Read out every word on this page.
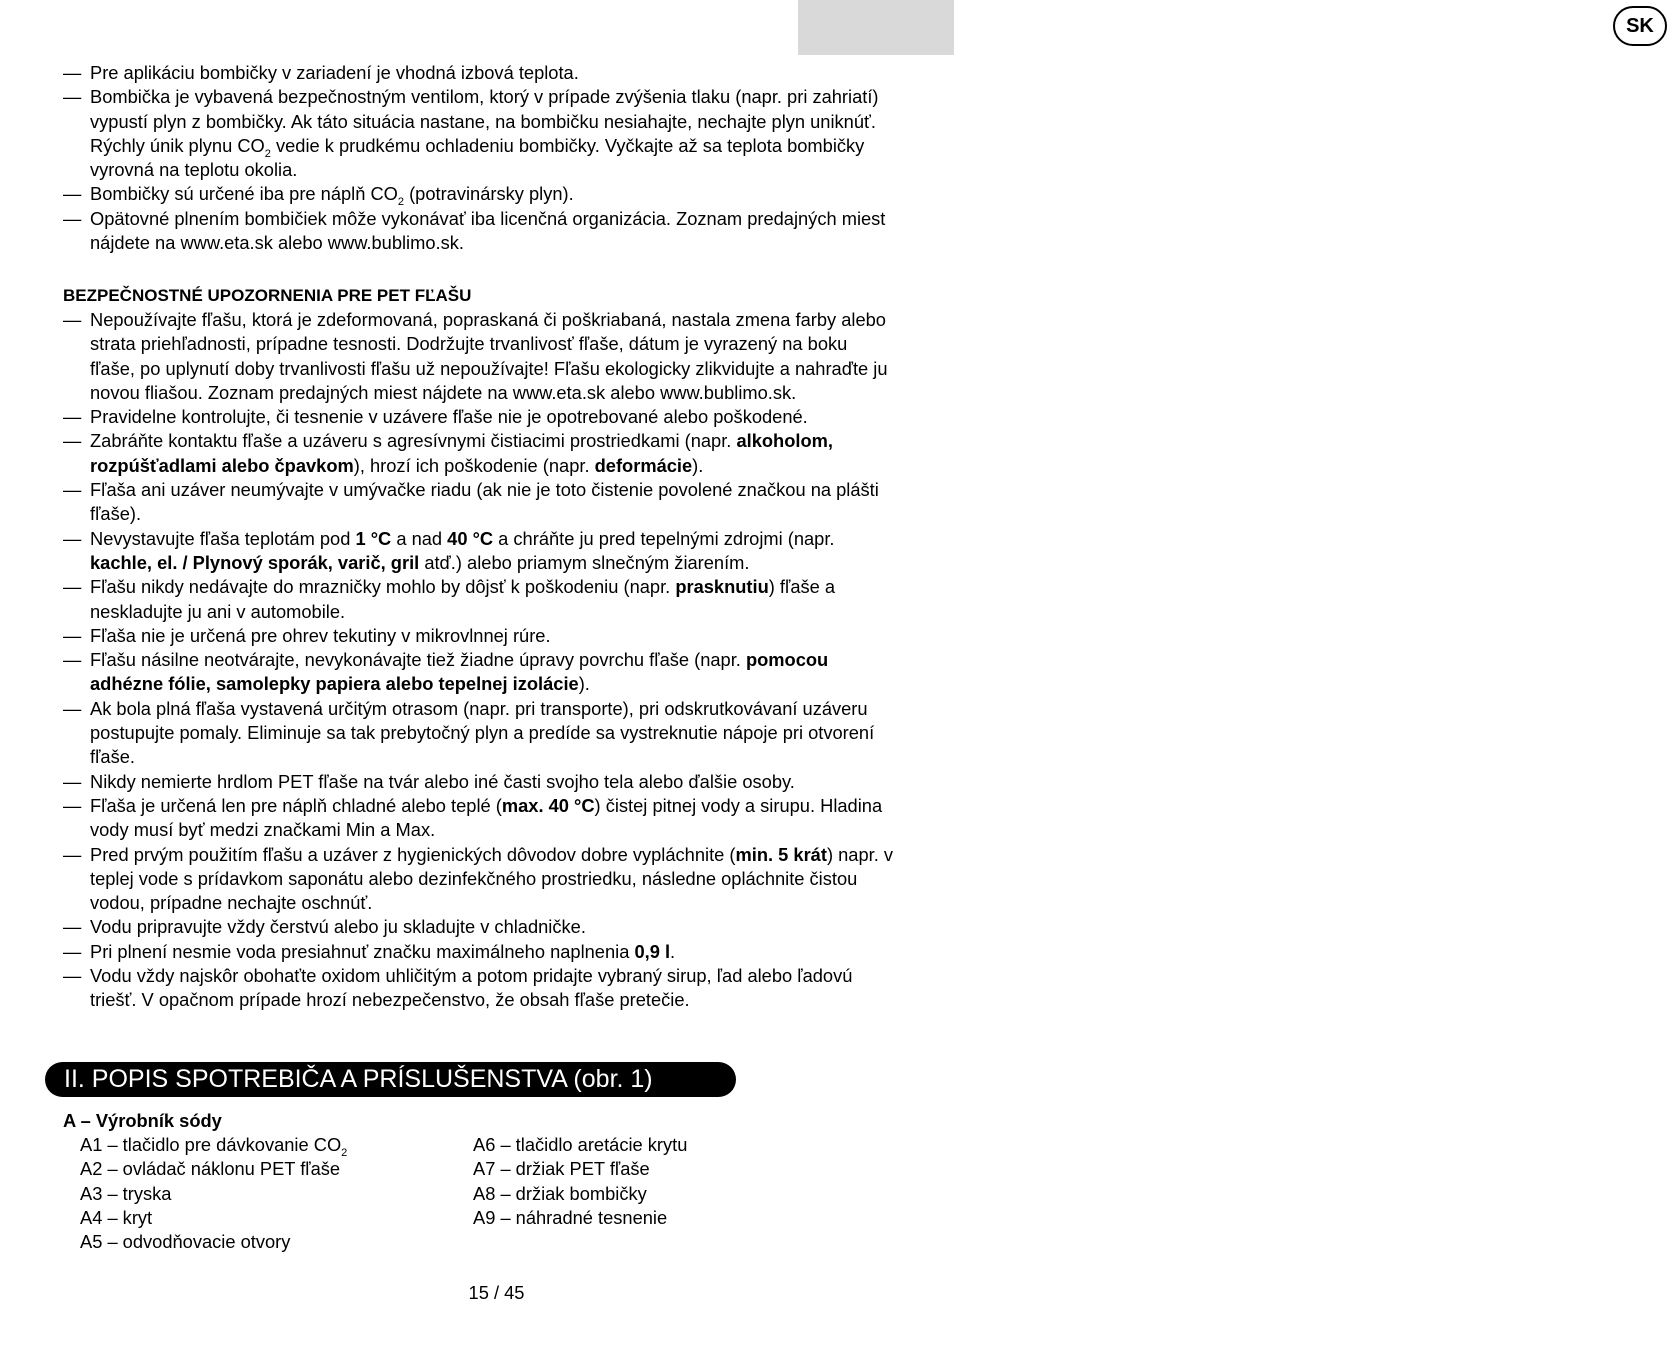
SK
— Pre aplikáciu bombičky v zariadení je vhodná izbová teplota.
— Bombička je vybavená bezpečnostným ventilom, ktorý v prípade zvýšenia tlaku (napr. pri zahriatí) vypustí plyn z bombičky. Ak táto situácia nastane, na bombičku nesiahajte, nechajte plyn uniknúť. Rýchly únik plynu $CO_2$ vedie k prudkému ochladeniu bombičky. Vyčkajte až sa teplota bombičky vyrovná na teplotu okolia.
— Bombičky sú určené iba pre náplň $CO_2$ (potravinársky plyn).
— Opätovné plnením bombičiek môže vykonávať iba licenčná organizácia. Zoznam predajných miest nájdete na www.eta.sk alebo www.bublimo.sk.
BEZPEČNOSTNÉ UPOZORNENIA PRE PET FĽAŠU
— Nepoužívajte fľašu, ktorá je zdeformovaná, popraskaná či poškriabaná, nastala zmena farby alebo strata priehľadnosti, prípadne tesnosti. Dodržujte trvanlivosť fľaše, dátum je vyrazený na boku fľaše, po uplynutí doby trvanlivosti fľašu už nepoužívajte! Fľašu ekologicky zlikvidujte a nahraďte ju novou fliašou. Zoznam predajných miest nájdete na www.eta.sk alebo www.bublimo.sk.
— Pravidelne kontrolujte, či tesnenie v uzávere fľaše nie je opotrebované alebo poškodené.
— Zabráňte kontaktu fľaše a uzáveru s agresívnymi čistiacimi prostriedkami (napr. alkoholom, rozpúšťadlami alebo čpavkom), hrozí ich poškodenie (napr. deformácie).
— Fľaša ani uzáver neumývajte v umývačke riadu (ak nie je toto čistenie povolené značkou na plášti fľaše).
— Nevystavujte fľaša teplotám pod 1 °C a nad 40 °C a chráňte ju pred tepelnými zdrojmi (napr. kachle, el. / Plynový sporák, varič, gril atď.) alebo priamym slnečným žiarením.
— Fľašu nikdy nedávajte do mrazničky mohlo by dôjsť k poškodeniu (napr. prasknutiu) fľaše a neskladujte ju ani v automobile.
— Fľaša nie je určená pre ohrev tekutiny v mikrovlnnej rúre.
— Fľašu násilne neotvárajte, nevykonávajte tiež žiadne úpravy povrchu fľaše (napr. pomocou adhézne fólie, samolepky papiera alebo tepelnej izolácie).
— Ak bola plná fľaša vystavená určitým otrasom (napr. pri transporte), pri odskrutkovávaní uzáveru postupujte pomaly. Eliminuje sa tak prebytočný plyn a predíde sa vystreknutie nápoje pri otvorení fľaše.
— Nikdy nemierte hrdlom PET fľaše na tvár alebo iné časti svojho tela alebo ďalšie osoby.
— Fľaša je určená len pre náplň chladné alebo teplé (max. 40 °C) čistej pitnej vody a sirupu. Hladina vody musí byť medzi značkami Min a Max.
— Pred prvým použitím fľašu a uzáver z hygienických dôvodov dobre vypláchnite (min. 5 krát) napr. v teplej vode s prídavkom saponátu alebo dezinfekčného prostriedku, následne opláchnite čistou vodou, prípadne nechajte oschnúť.
— Vodu pripravujte vždy čerstvú alebo ju skladujte v chladničke.
— Pri plnení nesmie voda presiahnuť značku maximálneho naplnenia 0,9 l.
— Vodu vždy najskôr obohaťte oxidom uhličitým a potom pridajte vybraný sirup, ľad alebo ľadovú triešť. V opačnom prípade hrozí nebezpečenstvo, že obsah fľaše pretečie.
II. POPIS SPOTREBIČA A PRÍSLUŠENSTVA (obr. 1)
A – Výrobník sódy
A1 – tlačidlo pre dávkovanie $CO_2$
A2 – ovládač náklonu PET fľaše
A3 – tryska
A4 – kryt
A5 – odvodňovacie otvory
A6 – tlačidlo aretácie krytu
A7 – držiak PET fľaše
A8 – držiak bombičky
A9 – náhradné tesnenie
15 / 45
